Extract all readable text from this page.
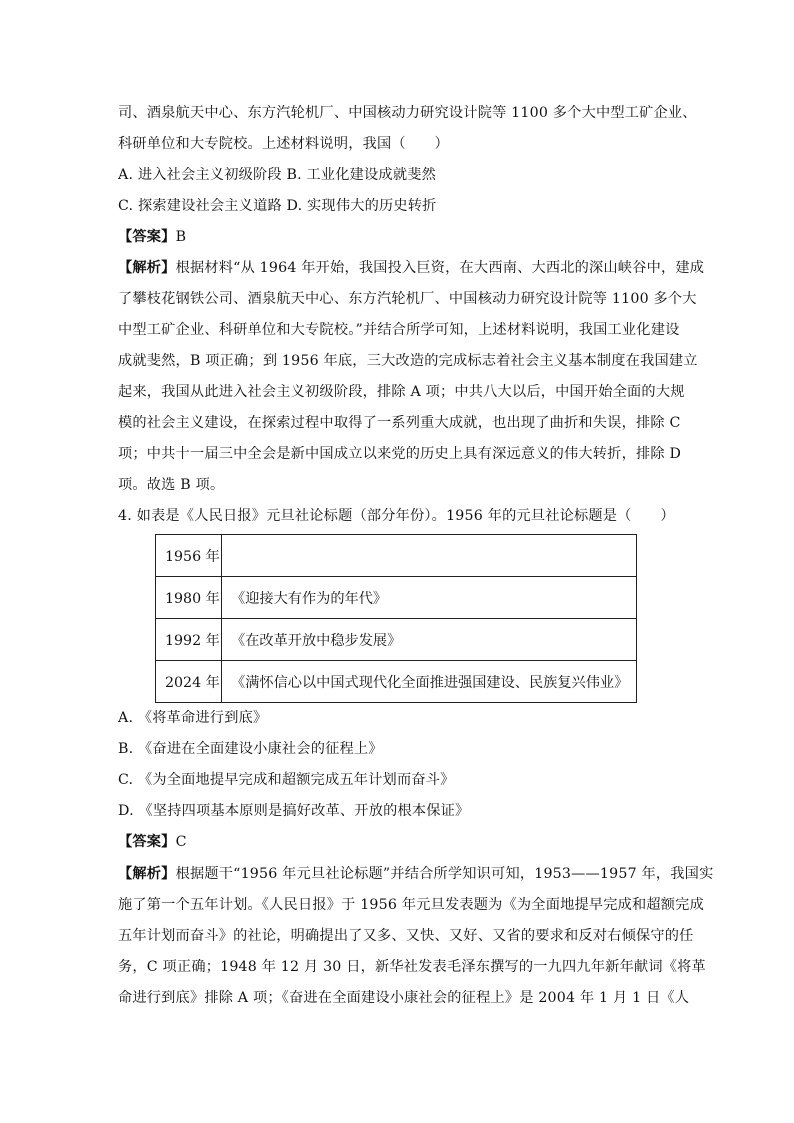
司、酒泉航天中心、东方汽轮机厂、中国核动力研究设计院等 1100 多个大中型工矿企业、
科研单位和大专院校。上述材料说明，我国（　　）
A. 进入社会主义初级阶段 B. 工业化建设成就斐然
C. 探索建设社会主义道路 D. 实现伟大的历史转折
【答案】B
【解析】根据材料“从 1964 年开始，我国投入巨资，在大西南、大西北的深山峡谷中，建成
了攀枝花钢铁公司、酒泉航天中心、东方汽轮机厂、中国核动力研究设计院等 1100 多个大
中型工矿企业、科研单位和大专院校。”并结合所学可知，上述材料说明，我国工业化建设
成就斐然，B 项正确；到 1956 年底，三大改造的完成标志着社会主义基本制度在我国建立
起来，我国从此进入社会主义初级阶段，排除 A 项；中共八大以后，中国开始全面的大规
模的社会主义建设，在探索过程中取得了一系列重大成就，也出现了曲折和失误，排除 C
项；中共十一届三中全会是新中国成立以来党的历史上具有深远意义的伟大转折，排除 D
项。故选 B 项。
4. 如表是《人民日报》元旦社论标题（部分年份）。1956 年的元旦社论标题是（　　）
1956 年	
1980 年	《迎接大有作为的年代》
1992 年	《在改革开放中稳步发展》
2024 年	《满怀信心以中国式现代化全面推进强国建设、民族复兴伟业》
A. 《将革命进行到底》
B. 《奋进在全面建设小康社会的征程上》
C. 《为全面地提早完成和超额完成五年计划而奋斗》
D. 《坚持四项基本原则是搞好改革、开放的根本保证》
【答案】C
【解析】根据题干“1956 年元旦社论标题”并结合所学知识可知，1953——1957 年，我国实
施了第一个五年计划。《人民日报》于 1956 年元旦发表题为《为全面地提早完成和超额完成
五年计划而奋斗》的社论，明确提出了又多、又快、又好、又省的要求和反对右倾保守的任
务，C 项正确；1948 年 12 月 30 日，新华社发表毛泽东撰写的一九四九年新年献词《将革
命进行到底》排除 A 项；《奋进在全面建设小康社会的征程上》是 2004 年 1 月 1 日《人
